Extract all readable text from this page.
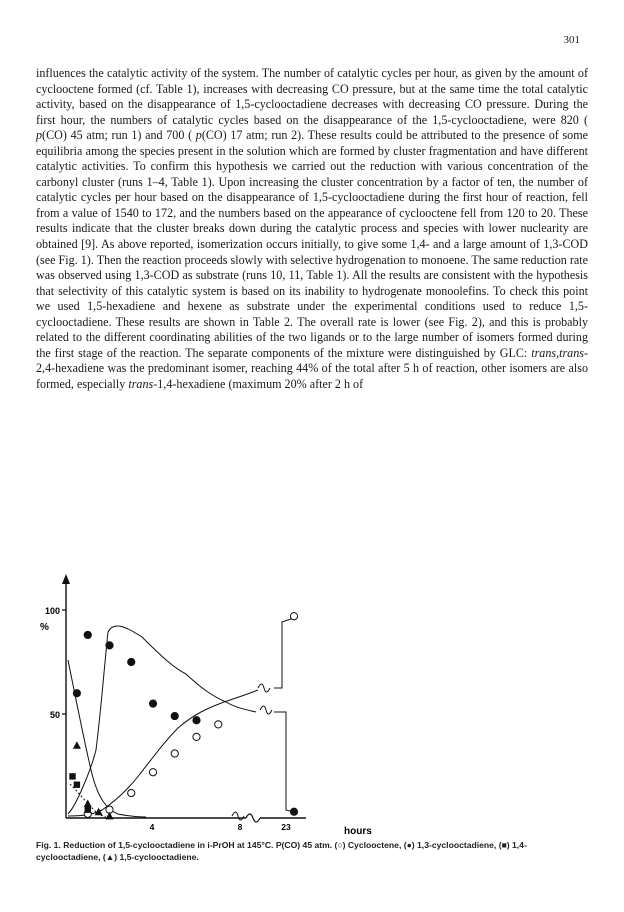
301

influences the catalytic activity of the system. The number of catalytic cycles per hour, as given by the amount of cyclooctene formed (cf. Table 1), increases with decreasing CO pressure, but at the same time the total catalytic activity, based on the disappearance of 1,5-cyclooctadiene decreases with decreasing CO pressure. During the first hour, the numbers of catalytic cycles based on the disappearance of the 1,5-cyclooctadiene, were 820 ( p(CO) 45 atm; run 1) and 700 ( p(CO) 17 atm; run 2). These results could be attributed to the presence of some equilibria among the species present in the solution which are formed by cluster fragmentation and have different catalytic activities. To confirm this hypothesis we carried out the reduction with various concentration of the carbonyl cluster (runs 1–4, Table 1). Upon increasing the cluster concentration by a factor of ten, the number of catalytic cycles per hour based on the disappearance of 1,5-cyclooctadiene during the first hour of reaction, fell from a value of 1540 to 172, and the numbers based on the appearance of cyclooctene fell from 120 to 20. These results indicate that the cluster breaks down during the catalytic process and species with lower nuclearity are obtained [9]. As above reported, isomerization occurs initially, to give some 1,4- and a large amount of 1,3-COD (see Fig. 1). Then the reaction proceeds slowly with selective hydrogenation to monoene. The same reduction rate was observed using 1,3-COD as substrate (runs 10, 11, Table 1). All the results are consistent with the hypothesis that selectivity of this catalytic system is based on its inability to hydrogenate monoolefins. To check this point we used 1,5-hexadiene and hexene as substrate under the experimental conditions used to reduce 1,5-cyclooctadiene. These results are shown in Table 2. The overall rate is lower (see Fig. 2), and this is probably related to the different coordinating abilities of the two ligands or to the large number of isomers formed during the first stage of the reaction. The separate components of the mixture were distinguished by GLC: trans,trans-2,4-hexadiene was the predominant isomer, reaching 44% of the total after 5 h of reaction, other isomers are also formed, especially trans-1,4-hexadiene (maximum 20% after 2 h of

100
50
%
4	8	23	hours

Fig. 1. Reduction of 1,5-cyclooctadiene in i-PrOH at 145°C. P(CO) 45 atm. (○) Cyclooctene, (●) 1,3-cyclooctadiene, (■) 1,4-cyclooctadiene, (▲) 1,5-cyclooctadiene.
